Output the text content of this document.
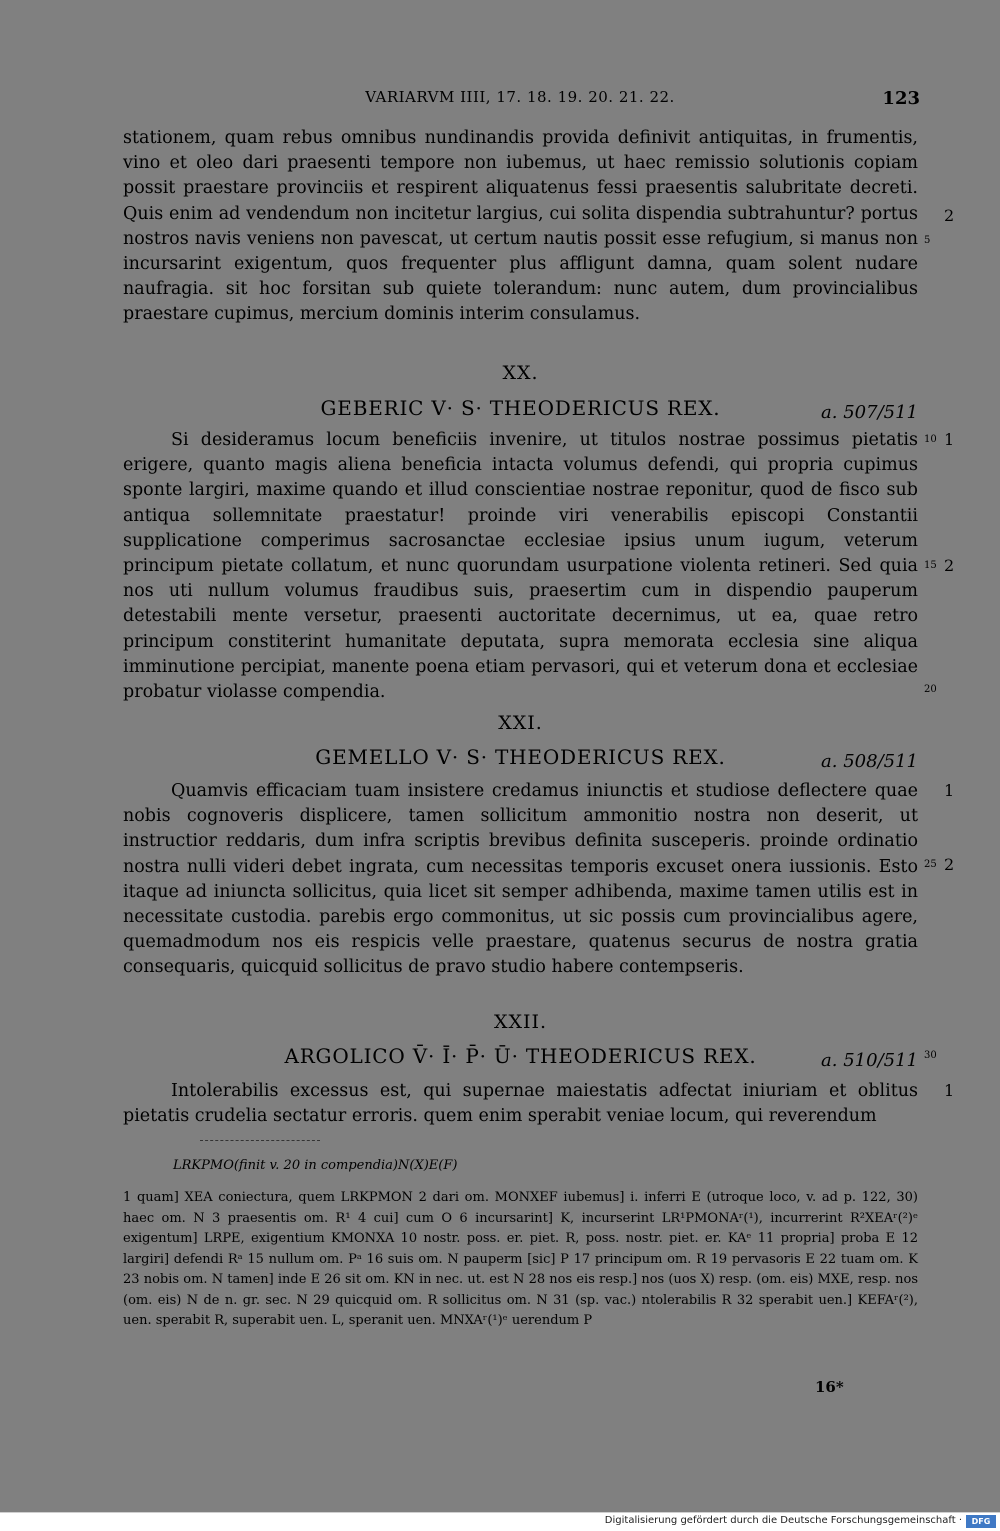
VARIARVM IIII, 17. 18. 19. 20. 21. 22.	123

stationem, quam rebus omnibus nundinandis provida definivit antiquitas, in frumentis, vino et oleo dari praesenti tempore non iubemus, ut haec remissio solutionis copiam possit praestare provinciis et respirent aliquatenus fessi praesentis salubritate decreti. Quis enim ad vendendum non incitetur largius, cui solita dispendia subtrahuntur? portus nostros navis veniens non pavescat, ut certum nautis possit esse refugium, si manus non incursarint exigentum, quos frequenter plus affligunt damna, quam solent nudare naufragia. sit hoc forsitan sub quiete tolerandum: nunc autem, dum provincialibus praestare cupimus, mercium dominis interim consulamus.

XX.
GEBERIC V· S· THEODERICUS REX.	a. 507/511

Si desideramus locum beneficiis invenire, ut titulos nostrae possimus pietatis erigere, quanto magis aliena beneficia intacta volumus defendi, qui propria cupimus sponte largiri, maxime quando et illud conscientiae nostrae reponitur, quod de fisco sub antiqua sollemnitate praestatur! proinde viri venerabilis episcopi Constantii supplicatione comperimus sacrosanctae ecclesiae ipsius unum iugum, veterum principum pietate collatum, et nunc quorundam usurpatione violenta retineri. Sed quia nos uti nullum volumus fraudibus suis, praesertim cum in dispendio pauperum detestabili mente versetur, praesenti auctoritate decernimus, ut ea, quae retro principum constiterint humanitate deputata, supra memorata ecclesia sine aliqua imminutione percipiat, manente poena etiam pervasori, qui et veterum dona et ecclesiae probatur violasse compendia.

XXI.
GEMELLO V· S· THEODERICUS REX.	a. 508/511

Quamvis efficaciam tuam insistere credamus iniunctis et studiose deflectere quae nobis cognoveris displicere, tamen sollicitum ammonitio nostra non deserit, ut instructior reddaris, dum infra scriptis brevibus definita susceperis. proinde ordinatio nostra nulli videri debet ingrata, cum necessitas temporis excuset onera iussionis. Esto itaque ad iniuncta sollicitus, quia licet sit semper adhibenda, maxime tamen utilis est in necessitate custodia. parebis ergo commonitus, ut sic possis cum provincialibus agere, quemadmodum nos eis respicis velle praestare, quatenus securus de nostra gratia consequaris, quicquid sollicitus de pravo studio habere contempseris.

XXII.
ARGOLICO V̄· Ī· P̄· Ū· THEODERICUS REX.	a. 510/511

Intolerabilis excessus est, qui supernae maiestatis adfectat iniuriam et oblitus pietatis crudelia sectatur erroris. quem enim sperabit veniae locum, qui reverendum

2
5
10 1
15 2
20
1
25 2
30
1
LRKPMO(finit v. 20 in compendia)N(X)E(F)
1 quam] XEA coniectura, quem LRKPMON 2 dari om. MONXEF iubemus] i. inferri E (utroque loco, v. ad p. 122, 30) haec om. N 3 praesentis om. R¹ 4 cui] cum O 6 incursarint] K, incurserint LR¹PMONAʳ(¹), incurrerint R²XEAʳ(²)ᵉ exigentum] LRPE, exigentium KMONXA 10 nostr. poss. er. piet. R, poss. nostr. piet. er. KAᵉ 11 propria] proba E 12 largiri] defendi Rᵃ 15 nullum om. Pᵃ 16 suis om. N pauperm [sic] P 17 principum om. R 19 pervasoris E 22 tuam om. K 23 nobis om. N tamen] inde E 26 sit om. KN in nec. ut. est N 28 nos eis resp.] nos (uos X) resp. (om. eis) MXE, resp. nos (om. eis) N de n. gr. sec. N 29 quicquid om. R sollicitus om. N 31 (sp. vac.) ntolerabilis R 32 sperabit uen.] KEFAʳ(²), uen. sperabit R, superabit uen. L, speranit uen. MNXAʳ(¹)ᵉ uerendum P
16*
Digitalisierung gefördert durch die Deutsche Forschungsgemeinschaft ·	DFG
